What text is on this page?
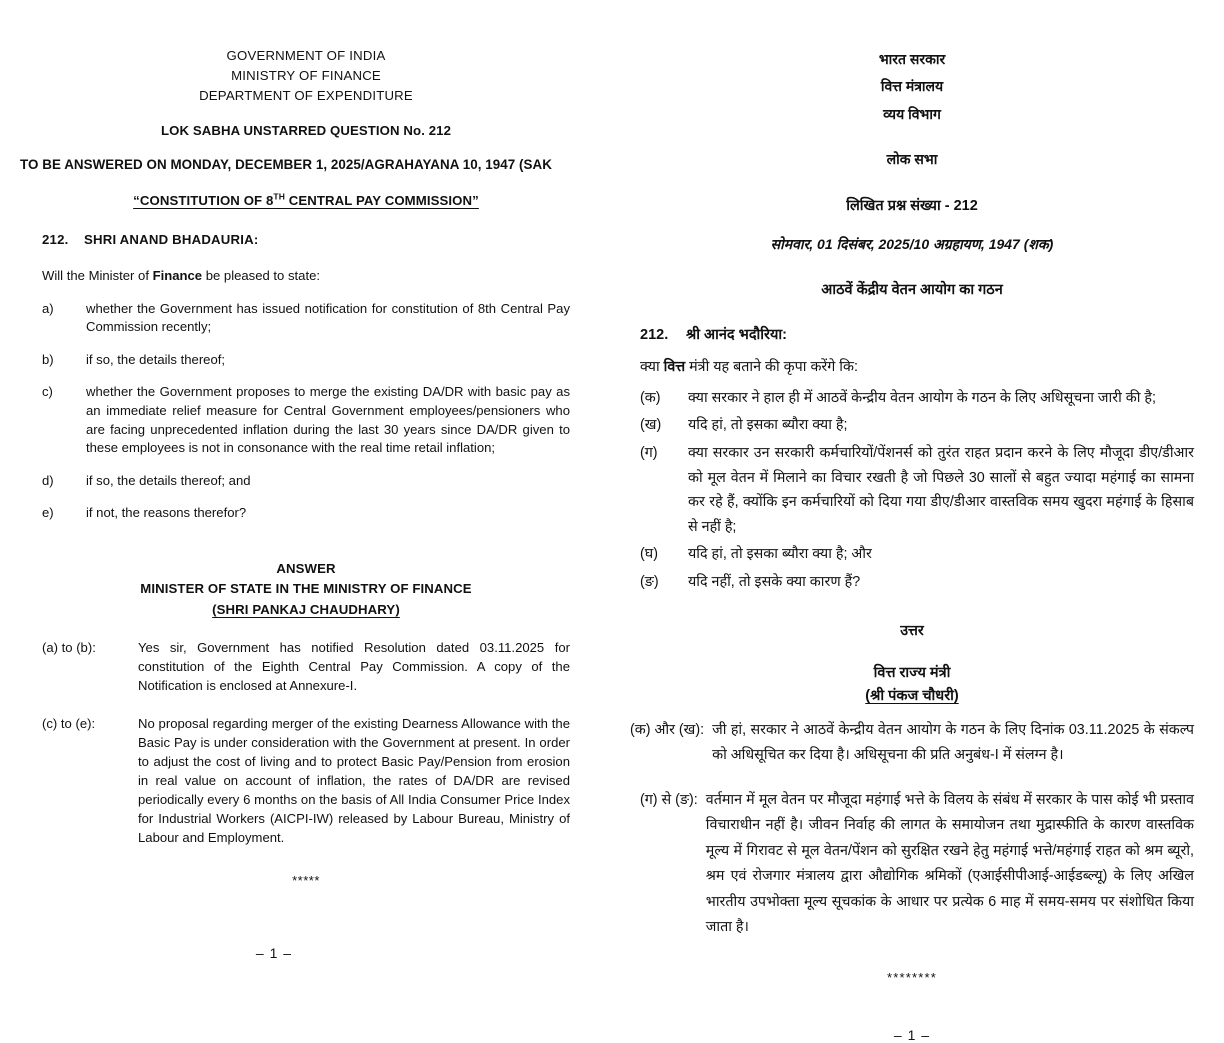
GOVERNMENT OF INDIA
MINISTRY OF FINANCE
DEPARTMENT OF EXPENDITURE
LOK SABHA UNSTARRED QUESTION No. 212
TO BE ANSWERED ON MONDAY, DECEMBER 1, 2025/AGRAHAYANA 10, 1947 (SAK
“CONSTITUTION OF 8TH CENTRAL PAY COMMISSION”
212. SHRI ANAND BHADAURIA:
Will the Minister of Finance be pleased to state:
a)	whether the Government has issued notification for constitution of 8th Central Pay Commission recently;
b)	if so, the details thereof;
c)	whether the Government proposes to merge the existing DA/DR with basic pay as an immediate relief measure for Central Government employees/pensioners who are facing unprecedented inflation during the last 30 years since DA/DR given to these employees is not in consonance with the real time retail inflation;
d)	if so, the details thereof; and
e)	if not, the reasons therefor?
ANSWER
MINISTER OF STATE IN THE MINISTRY OF FINANCE
(SHRI PANKAJ CHAUDHARY)
(a) to (b):	Yes sir, Government has notified Resolution dated 03.11.2025 for constitution of the Eighth Central Pay Commission. A copy of the Notification is enclosed at Annexure-I.
(c) to (e):	No proposal regarding merger of the existing Dearness Allowance with the Basic Pay is under consideration with the Government at present. In order to adjust the cost of living and to protect Basic Pay/Pension from erosion in real value on account of inflation, the rates of DA/DR are revised periodically every 6 months on the basis of All India Consumer Price Index for Industrial Workers (AICPI-IW) released by Labour Bureau, Ministry of Labour and Employment.
*****
– 1 –
भारत सरकार
वित्त मंत्रालय
व्यय विभाग
लोक सभा
लिखित प्रश्न संख्या - 212
सोमवार, 01 दिसंबर, 2025/10 अग्रहायण, 1947 (शक)
आठवें केंद्रीय वेतन आयोग का गठन
212. श्री आनंद भदौरिया:
क्या वित्त मंत्री यह बताने की कृपा करेंगे कि:
(क)	क्या सरकार ने हाल ही में आठवें केन्द्रीय वेतन आयोग के गठन के लिए अधिसूचना जारी की है;
(ख)	यदि हां, तो इसका ब्यौरा क्या है;
(ग)	क्या सरकार उन सरकारी कर्मचारियों/पेंशनर्स को तुरंत राहत प्रदान करने के लिए मौजूदा डीए/डीआर को मूल वेतन में मिलाने का विचार रखती है जो पिछले 30 सालों से बहुत ज्यादा महंगाई का सामना कर रहे हैं, क्योंकि इन कर्मचारियों को दिया गया डीए/डीआर वास्तविक समय खुदरा महंगाई के हिसाब से नहीं है;
(घ)	यदि हां, तो इसका ब्यौरा क्या है; और
(ङ)	यदि नहीं, तो इसके क्या कारण हैं?
उत्तर
वित्त राज्य मंत्री
(श्री पंकज चौधरी)
(क) और (ख): जी हां, सरकार ने आठवें केन्द्रीय वेतन आयोग के गठन के लिए दिनांक 03.11.2025 के संकल्प को अधिसूचित कर दिया है। अधिसूचना की प्रति अनुबंध-I में संलग्न है।
(ग) से (ङ): वर्तमान में मूल वेतन पर मौजूदा महंगाई भत्ते के विलय के संबंध में सरकार के पास कोई भी प्रस्ताव विचाराधीन नहीं है। जीवन निर्वाह की लागत के समायोजन तथा मुद्रास्फीति के कारण वास्तविक मूल्य में गिरावट से मूल वेतन/पेंशन को सुरक्षित रखने हेतु महंगाई भत्ते/महंगाई राहत को श्रम ब्यूरो, श्रम एवं रोजगार मंत्रालय द्वारा औद्योगिक श्रमिकों (एआईसीपीआई-आईडब्ल्यू) के लिए अखिल भारतीय उपभोक्ता मूल्य सूचकांक के आधार पर प्रत्येक 6 माह में समय-समय पर संशोधित किया जाता है।
********
– 1 –
